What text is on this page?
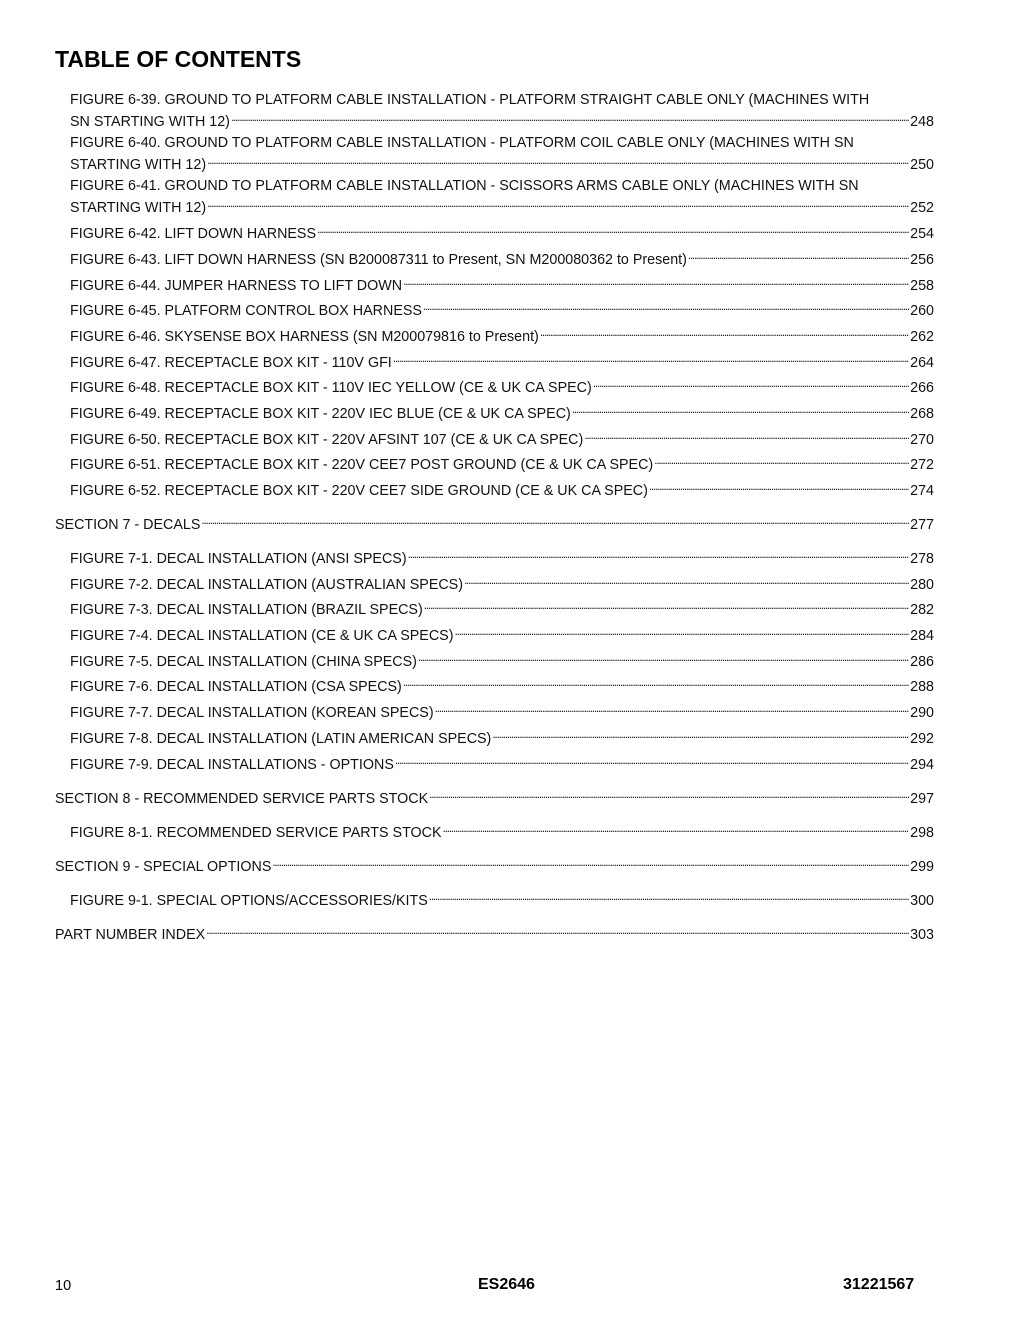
TABLE OF CONTENTS
FIGURE 6-39. GROUND TO PLATFORM CABLE INSTALLATION - PLATFORM STRAIGHT CABLE ONLY (MACHINES WITH
SN STARTING WITH 12) . . .	248
FIGURE 6-40. GROUND TO PLATFORM CABLE INSTALLATION - PLATFORM COIL CABLE ONLY (MACHINES WITH SN
STARTING WITH 12) . . .	250
FIGURE 6-41. GROUND TO PLATFORM CABLE INSTALLATION - SCISSORS ARMS CABLE ONLY (MACHINES WITH SN
STARTING WITH 12) . . .	252
FIGURE 6-42. LIFT DOWN HARNESS . . .	254
FIGURE 6-43. LIFT DOWN HARNESS (SN B200087311 to Present, SN M200080362 to Present) . . .	256
FIGURE 6-44. JUMPER HARNESS TO LIFT DOWN . . .	258
FIGURE 6-45. PLATFORM CONTROL BOX HARNESS . . .	260
FIGURE 6-46. SKYSENSE BOX HARNESS (SN M200079816 to Present) . . .	262
FIGURE 6-47. RECEPTACLE BOX KIT - 110V GFI . . .	264
FIGURE 6-48. RECEPTACLE BOX KIT - 110V IEC YELLOW (CE & UK CA SPEC) . . .	266
FIGURE 6-49. RECEPTACLE BOX KIT - 220V IEC BLUE (CE & UK CA SPEC) . . .	268
FIGURE 6-50. RECEPTACLE BOX KIT - 220V AFSINT 107 (CE & UK CA SPEC) . . .	270
FIGURE 6-51. RECEPTACLE BOX KIT - 220V CEE7 POST GROUND (CE & UK CA SPEC) . . .	272
FIGURE 6-52. RECEPTACLE BOX KIT - 220V CEE7 SIDE GROUND (CE & UK CA SPEC) . . .	274
SECTION 7 - DECALS . . .	277
FIGURE 7-1. DECAL INSTALLATION (ANSI SPECS) . . .	278
FIGURE 7-2. DECAL INSTALLATION (AUSTRALIAN SPECS) . . .	280
FIGURE 7-3. DECAL INSTALLATION (BRAZIL SPECS) . . .	282
FIGURE 7-4. DECAL INSTALLATION (CE & UK CA SPECS) . . .	284
FIGURE 7-5. DECAL INSTALLATION (CHINA SPECS) . . .	286
FIGURE 7-6. DECAL INSTALLATION (CSA SPECS) . . .	288
FIGURE 7-7. DECAL INSTALLATION (KOREAN SPECS) . . .	290
FIGURE 7-8. DECAL INSTALLATION (LATIN AMERICAN SPECS) . . .	292
FIGURE 7-9. DECAL INSTALLATIONS - OPTIONS . . .	294
SECTION 8 - RECOMMENDED SERVICE PARTS STOCK . . .	297
FIGURE 8-1. RECOMMENDED SERVICE PARTS STOCK . . .	298
SECTION 9 - SPECIAL OPTIONS . . .	299
FIGURE 9-1. SPECIAL OPTIONS/ACCESSORIES/KITS . . .	300
PART NUMBER INDEX . . .	303
10	ES2646	31221567
